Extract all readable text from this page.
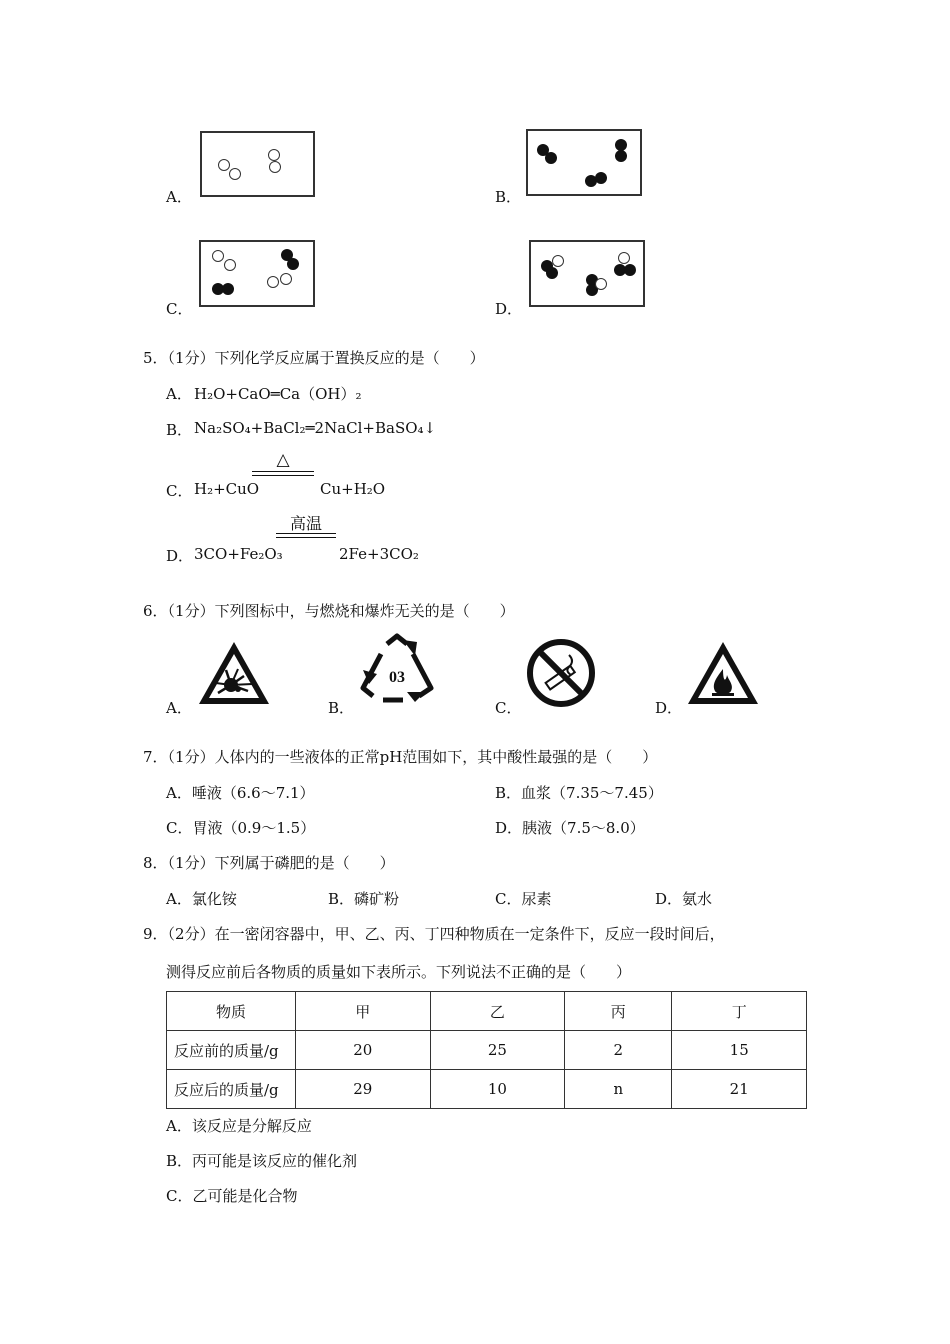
A．	B．
C．	D．
5．（1分）下列化学反应属于置换反应的是（　　）
A． H₂O+CaO═Ca（OH）₂
B． Na₂SO₄+BaCl₂═2NaCl+BaSO₄↓
C． H₂+CuO
△
Cu+H₂O
D． 3CO+Fe₂O₃
高温
2Fe+3CO₂
6．（1分）下列图标中，与燃烧和爆炸无关的是（　　）
A．	B．
03
C．	D．
7．（1分）人体内的一些液体的正常pH范围如下，其中酸性最强的是（　　）
A．唾液（6.6～7.1）	B．血浆（7.35～7.45）
C．胃液（0.9～1.5）	D．胰液（7.5～8.0）
8．（1分）下列属于磷肥的是（　　）
A．氯化铵	B．磷矿粉	C．尿素	D．氨水
9．（2分）在一密闭容器中，甲、乙、丙、丁四种物质在一定条件下，反应一段时间后，
测得反应前后各物质的质量如下表所示。下列说法不正确的是（　　）
物质	甲	乙	丙	丁
反应前的质量/g	20	25	2	15
反应后的质量/g	29	10	n	21
A．该反应是分解反应
B．丙可能是该反应的催化剂
C．乙可能是化合物
